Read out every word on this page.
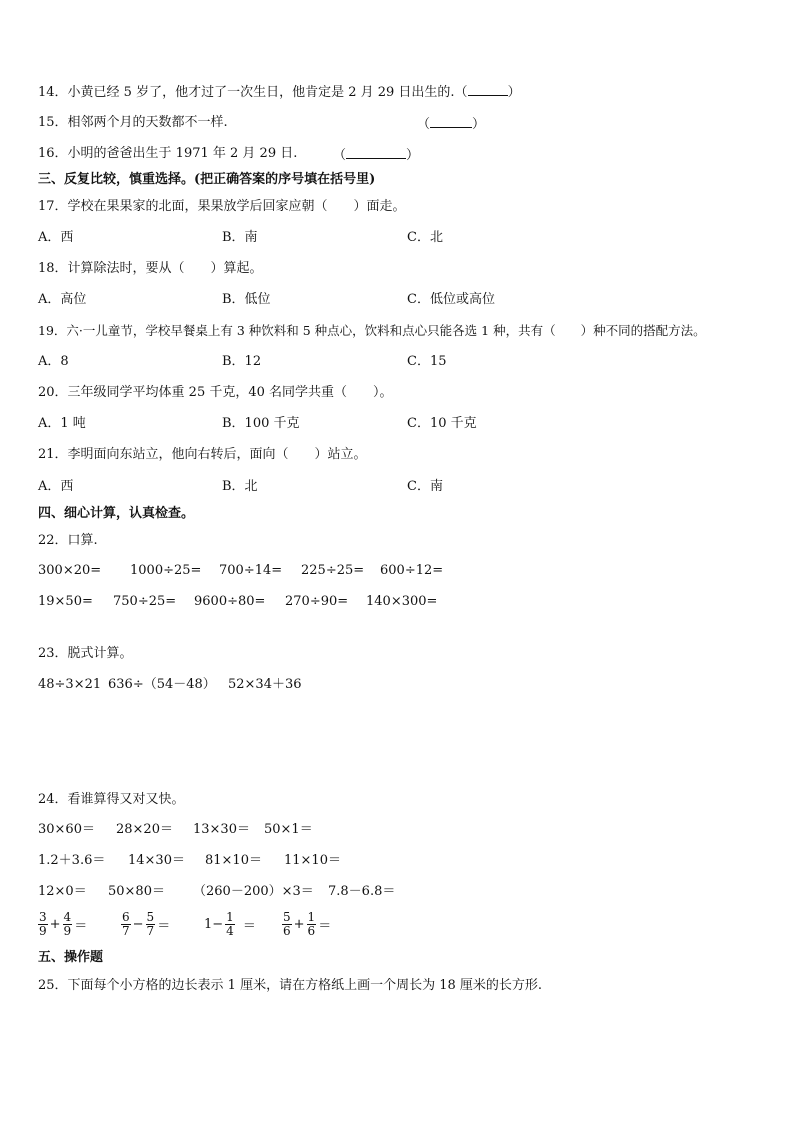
14．小黄已经 5 岁了，他才过了一次生日，他肯定是 2 月 29 日出生的.（	）
15．相邻两个月的天数都不一样.	（	）
16．小明的爸爸出生于 1971 年 2 月 29 日.	（	）
三、反复比较，慎重选择。(把正确答案的序号填在括号里)
17．学校在果果家的北面，果果放学后回家应朝（　　）面走。
A．西	B．南	C．北
18．计算除法时，要从（　　）算起。
A．高位	B．低位	C．低位或高位
19．六·一儿童节，学校早餐桌上有 3 种饮料和 5 种点心，饮料和点心只能各选 1 种，共有（　　）种不同的搭配方法。
A．8	B．12	C．15
20．三年级同学平均体重 25 千克，40 名同学共重（　　）。
A．1 吨	B．100 千克	C．10 千克
21．李明面向东站立，他向右转后，面向（　　）站立。
A．西	B．北	C．南
四、细心计算，认真检查。
22．口算.
300×20= 1000÷25= 700÷14= 225÷25= 600÷12=
19×50= 750÷25= 9600÷80= 270÷90= 140×300=
23．脱式计算。
48÷3×21 636÷（54－48） 52×34＋36
24．看谁算得又对又快。
30×60＝ 28×20＝ 13×30＝ 50×1＝
1.2＋3.6＝ 14×30＝ 81×10＝ 11×10＝
12×0＝ 50×80＝ （260－200）×3＝ 7.8－6.8＝
$\frac{3}{9} + \frac{4}{9}$ ＝	$\frac{6}{7} - \frac{5}{7}$ ＝	$1- \frac{1}{4} = \frac{5}{6} + \frac{1}{6}$ ＝
五、操作题
25．下面每个小方格的边长表示 1 厘米，请在方格纸上画一个周长为 18 厘米的长方形.
